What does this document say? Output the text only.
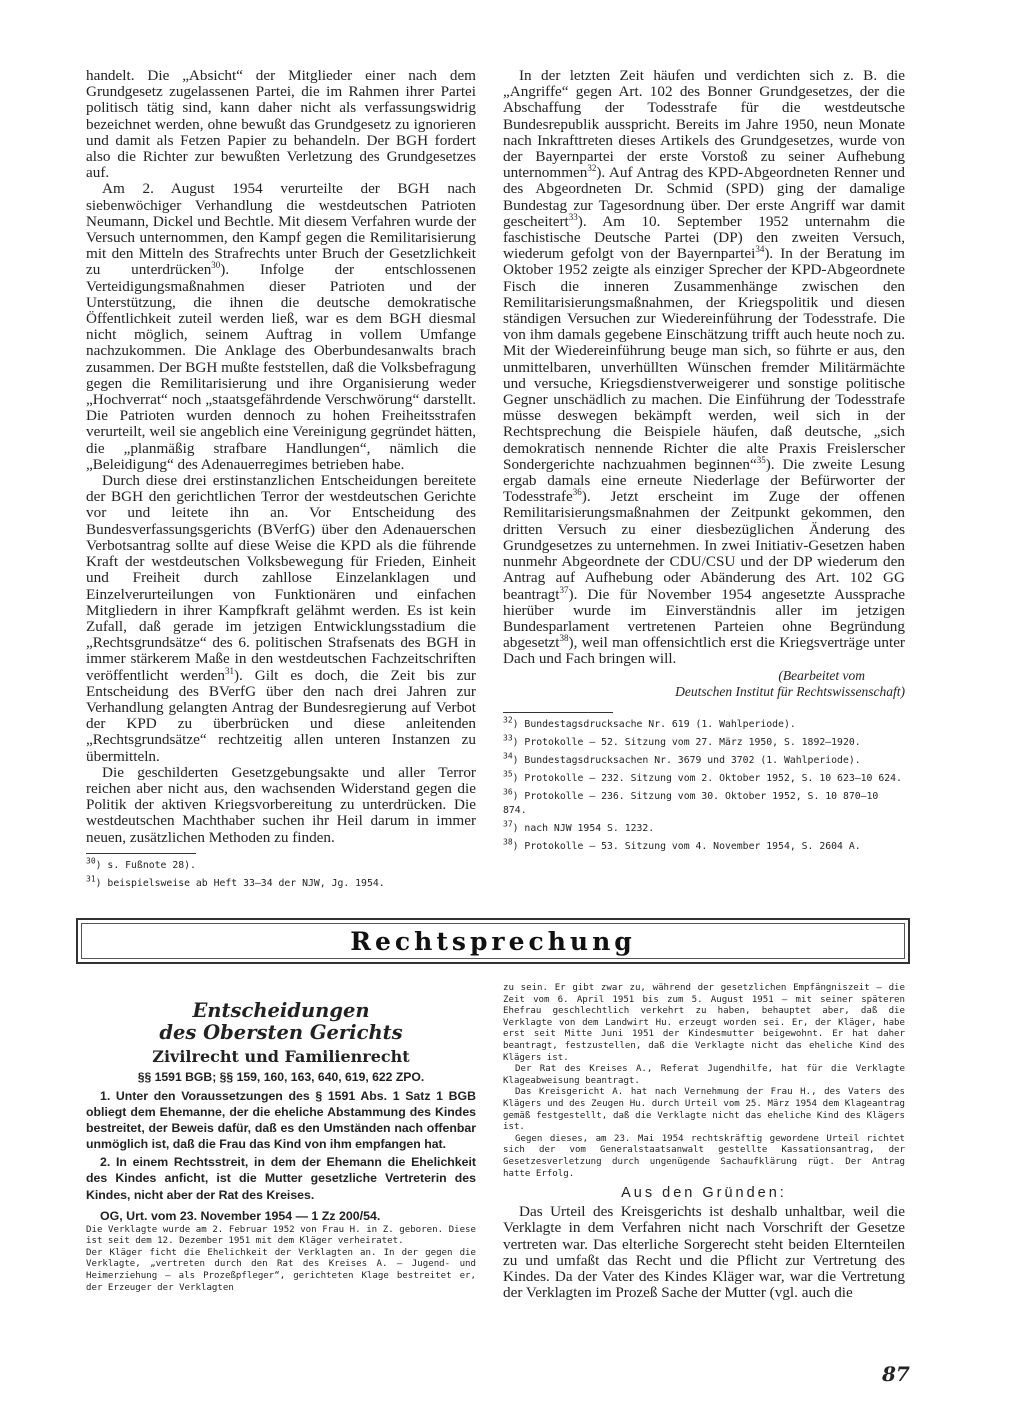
handelt. Die „Absicht“ der Mitglieder einer nach dem Grundgesetz zugelassenen Partei, die im Rahmen ihrer Partei politisch tätig sind, kann daher nicht als verfassungswidrig bezeichnet werden, ohne bewußt das Grundgesetz zu ignorieren und damit als Fetzen Papier zu behandeln. Der BGH fordert also die Richter zur bewußten Verletzung des Grundgesetzes auf.

Am 2. August 1954 verurteilte der BGH nach siebenwöchiger Verhandlung die westdeutschen Patrioten Neumann, Dickel und Bechtle. Mit diesem Verfahren wurde der Versuch unternommen, den Kampf gegen die Remilitarisierung mit den Mitteln des Strafrechts unter Bruch der Gesetzlichkeit zu unterdrücken$^{30}$). Infolge der entschlossenen Verteidigungsmaßnahmen dieser Patrioten und der Unterstützung, die ihnen die deutsche demokratische Öffentlichkeit zuteil werden ließ, war es dem BGH diesmal nicht möglich, seinem Auftrag in vollem Umfange nachzukommen. Die Anklage des Oberbundesanwalts brach zusammen. Der BGH mußte feststellen, daß die Volksbefragung gegen die Remilitarisierung und ihre Organisierung weder „Hochverrat“ noch „staatsgefährdende Verschwörung“ darstellt. Die Patrioten wurden dennoch zu hohen Freiheitsstrafen verurteilt, weil sie angeblich eine Vereinigung gegründet hätten, die „planmäßig strafbare Handlungen“, nämlich die „Beleidigung“ des Adenauerregimes betrieben habe.

Durch diese drei erstinstanzlichen Entscheidungen bereitete der BGH den gerichtlichen Terror der westdeutschen Gerichte vor und leitete ihn an. Vor Entscheidung des Bundesverfassungsgerichts (BVerfG) über den Adenauerschen Verbotsantrag sollte auf diese Weise die KPD als die führende Kraft der westdeutschen Volksbewegung für Frieden, Einheit und Freiheit durch zahllose Einzelanklagen und Einzelverurteilungen von Funktionären und einfachen Mitgliedern in ihrer Kampfkraft gelähmt werden. Es ist kein Zufall, daß gerade im jetzigen Entwicklungsstadium die „Rechtsgrundsätze“ des 6. politischen Strafsenats des BGH in immer stärkerem Maße in den westdeutschen Fachzeitschriften veröffentlicht werden$^{31}$). Gilt es doch, die Zeit bis zur Entscheidung des BVerfG über den nach drei Jahren zur Verhandlung gelangten Antrag der Bundesregierung auf Verbot der KPD zu überbrücken und diese anleitenden „Rechtsgrundsätze“ rechtzeitig allen unteren Instanzen zu übermitteln.

Die geschilderten Gesetzgebungsakte und aller Terror reichen aber nicht aus, den wachsenden Widerstand gegen die Politik der aktiven Kriegsvorbereitung zu unterdrücken. Die westdeutschen Machthaber suchen ihr Heil darum in immer neuen, zusätzlichen Methoden zu finden.

$^{30}$) s. Fußnote 28).

$^{31}$) beispielsweise ab Heft 33—34 der NJW, Jg. 1954.

In der letzten Zeit häufen und verdichten sich z. B. die „Angriffe“ gegen Art. 102 des Bonner Grundgesetzes, der die Abschaffung der Todesstrafe für die westdeutsche Bundesrepublik ausspricht. Bereits im Jahre 1950, neun Monate nach Inkrafttreten dieses Artikels des Grundgesetzes, wurde von der Bayernpartei der erste Vorstoß zu seiner Aufhebung unternommen$^{32}$). Auf Antrag des KPD-Abgeordneten Renner und des Abgeordneten Dr. Schmid (SPD) ging der damalige Bundestag zur Tagesordnung über. Der erste Angriff war damit gescheitert$^{33}$). Am 10. September 1952 unternahm die faschistische Deutsche Partei (DP) den zweiten Versuch, wiederum gefolgt von der Bayernpartei$^{34}$). In der Beratung im Oktober 1952 zeigte als einziger Sprecher der KPD-Abgeordnete Fisch die inneren Zusammenhänge zwischen den Remilitarisierungsmaßnahmen, der Kriegspolitik und diesen ständigen Versuchen zur Wiedereinführung der Todesstrafe. Die von ihm damals gegebene Einschätzung trifft auch heute noch zu. Mit der Wiedereinführung beuge man sich, so führte er aus, den unmittelbaren, unverhüllten Wünschen fremder Militärmächte und versuche, Kriegsdienstverweigerer und sonstige politische Gegner unschädlich zu machen. Die Einführung der Todesstrafe müsse deswegen bekämpft werden, weil sich in der Rechtsprechung die Beispiele häufen, daß deutsche, „sich demokratisch nennende Richter die alte Praxis Freislerscher Sondergerichte nachzuahmen beginnen“$^{35}$). Die zweite Lesung ergab damals eine erneute Niederlage der Befürworter der Todesstrafe$^{36}$). Jetzt erscheint im Zuge der offenen Remilitarisierungsmaßnahmen der Zeitpunkt gekommen, den dritten Versuch zu einer diesbezüglichen Änderung des Grundgesetzes zu unternehmen. In zwei Initiativ-Gesetzen haben nunmehr Abgeordnete der CDU/CSU und der DP wiederum den Antrag auf Aufhebung oder Abänderung des Art. 102 GG beantragt$^{37}$). Die für November 1954 angesetzte Aussprache hierüber wurde im Einverständnis aller im jetzigen Bundesparlament vertretenen Parteien ohne Begründung abgesetzt$^{38}$), weil man offensichtlich erst die Kriegsverträge unter Dach und Fach bringen will.

(Bearbeitet vom

Deutschen Institut für Rechtswissenschaft)

$^{32}$) Bundestagsdrucksache Nr. 619 (1. Wahlperiode).

$^{33}$) Protokolle — 52. Sitzung vom 27. März 1950, S. 1892—1920.

$^{34}$) Bundestagsdrucksachen Nr. 3679 und 3702 (1. Wahlperiode).

$^{35}$) Protokolle — 232. Sitzung vom 2. Oktober 1952, S. 10 623—10 624.

$^{36}$) Protokolle — 236. Sitzung vom 30. Oktober 1952, S. 10 870—10 874.

$^{37}$) nach NJW 1954 S. 1232.

$^{38}$) Protokolle — 53. Sitzung vom 4. November 1954, S. 2604 A.

Rechtsprechung

Entscheidungen

des Obersten Gerichts

Zivilrecht und Familienrecht

§§ 1591 BGB; §§ 159, 160, 163, 640, 619, 622 ZPO.

1. Unter den Voraussetzungen des § 1591 Abs. 1 Satz 1 BGB obliegt dem Ehemanne, der die eheliche Abstammung des Kindes bestreitet, der Beweis dafür, daß es den Umständen nach offenbar unmöglich ist, daß die Frau das Kind von ihm empfangen hat.

2. In einem Rechtsstreit, in dem der Ehemann die Ehelichkeit des Kindes anficht, ist die Mutter gesetzliche Vertreterin des Kindes, nicht aber der Rat des Kreises.

OG, Urt. vom 23. November 1954 — 1 Zz 200/54.

Die Verklagte wurde am 2. Februar 1952 von Frau H. in Z. geboren. Diese ist seit dem 12. Dezember 1951 mit dem Kläger verheiratet.

Der Kläger ficht die Ehelichkeit der Verklagten an. In der gegen die Verklagte, „vertreten durch den Rat des Kreises A. — Jugend- und Heimerziehung — als Prozeßpfleger“, gerichteten Klage bestreitet er, der Erzeuger der Verklagten

zu sein. Er gibt zwar zu, während der gesetzlichen Empfängniszeit — die Zeit vom 6. April 1951 bis zum 5. August 1951 — mit seiner späteren Ehefrau geschlechtlich verkehrt zu haben, behauptet aber, daß die Verklagte von dem Landwirt Hu. erzeugt worden sei. Er, der Kläger, habe erst seit Mitte Juni 1951 der Kindesmutter beigewohnt. Er hat daher beantragt, festzustellen, daß die Verklagte nicht das eheliche Kind des Klägers ist.

Der Rat des Kreises A., Referat Jugendhilfe, hat für die Verklagte Klageabweisung beantragt.

Das Kreisgericht A. hat nach Vernehmung der Frau H., des Vaters des Klägers und des Zeugen Hu. durch Urteil vom 25. März 1954 dem Klageantrag gemäß festgestellt, daß die Verklagte nicht das eheliche Kind des Klägers ist.

Gegen dieses, am 23. Mai 1954 rechtskräftig gewordene Urteil richtet sich der vom Generalstaatsanwalt gestellte Kassationsantrag, der Gesetzesverletzung durch ungenügende Sachaufklärung rügt. Der Antrag hatte Erfolg.

Aus den Gründen:

Das Urteil des Kreisgerichts ist deshalb unhaltbar, weil die Verklagte in dem Verfahren nicht nach Vorschrift der Gesetze vertreten war. Das elterliche Sorgerecht steht beiden Elternteilen zu und umfaßt das Recht und die Pflicht zur Vertretung des Kindes. Da der Vater des Kindes Kläger war, war die Vertretung der Verklagten im Prozeß Sache der Mutter (vgl. auch die

87
